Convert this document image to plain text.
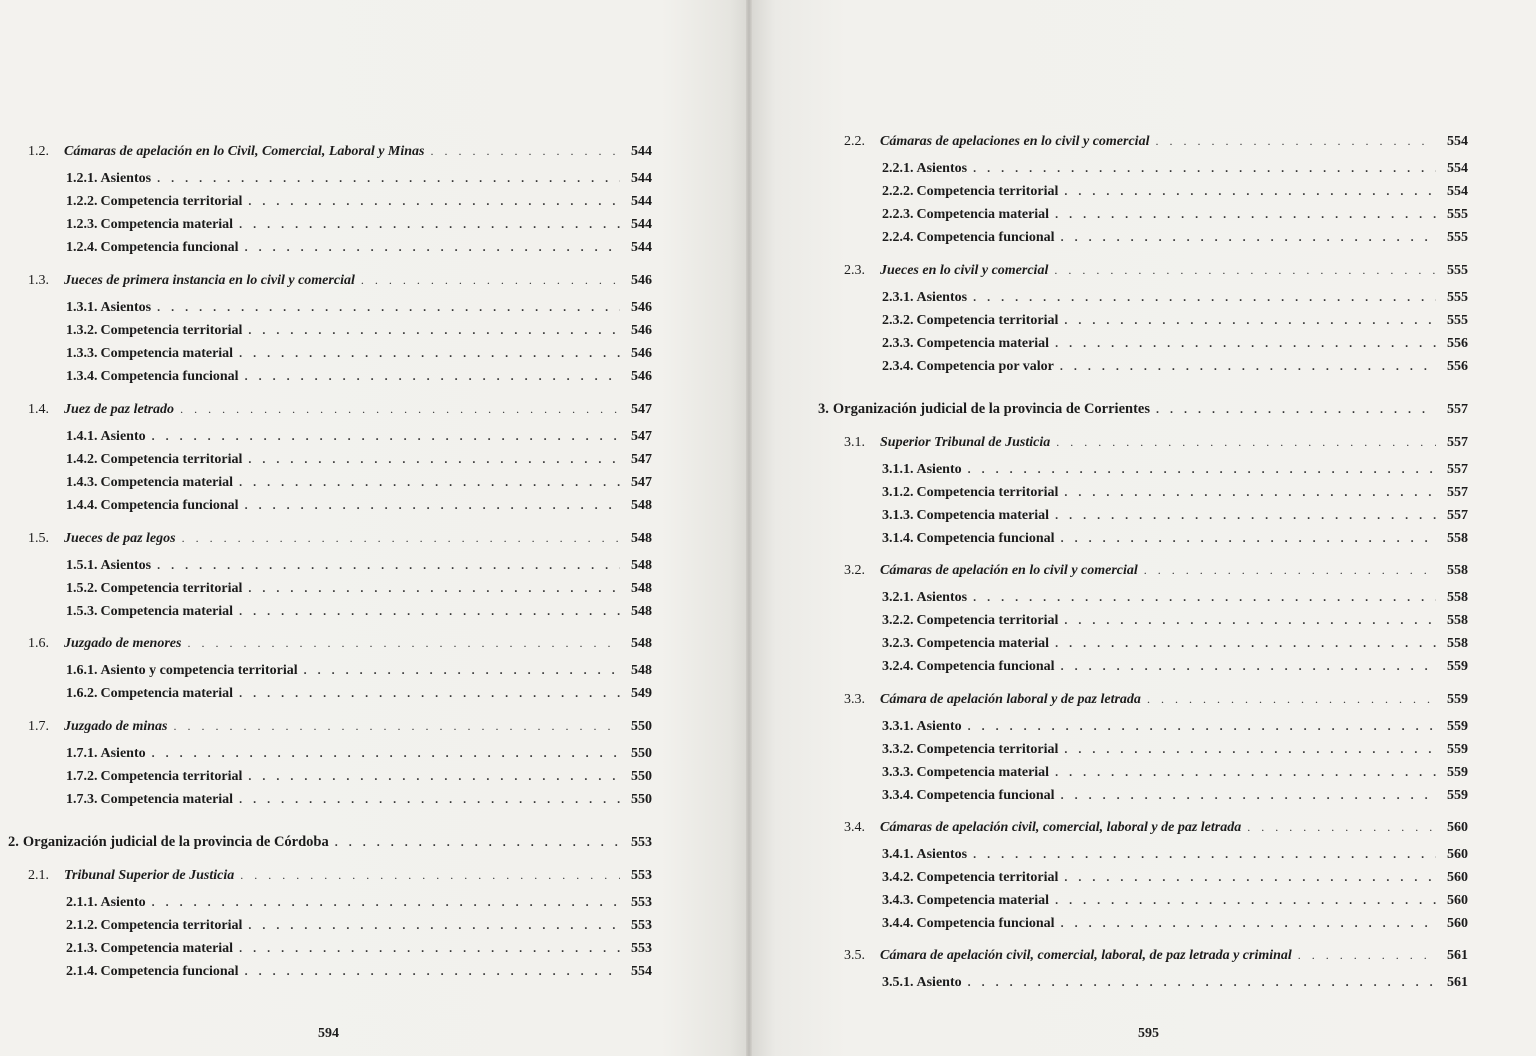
1.2.	Cámaras de apelación en lo Civil, Comercial, Laboral y Minas . . .	544
1.2.1. Asientos . . .	544
1.2.2. Competencia territorial . . .	544
1.2.3. Competencia material . . .	544
1.2.4. Competencia funcional . . .	544
1.3.	Jueces de primera instancia en lo civil y comercial . . .	546
1.3.1. Asientos . . .	546
1.3.2. Competencia territorial . . .	546
1.3.3. Competencia material . . .	546
1.3.4. Competencia funcional . . .	546
1.4.	Juez de paz letrado . . .	547
1.4.1. Asiento . . .	547
1.4.2. Competencia territorial . . .	547
1.4.3. Competencia material . . .	547
1.4.4. Competencia funcional . . .	548
1.5.	Jueces de paz legos . . .	548
1.5.1. Asientos . . .	548
1.5.2. Competencia territorial . . .	548
1.5.3. Competencia material . . .	548
1.6.	Juzgado de menores . . .	548
1.6.1. Asiento y competencia territorial . . .	548
1.6.2. Competencia material . . .	549
1.7.	Juzgado de minas . . .	550
1.7.1. Asiento . . .	550
1.7.2. Competencia territorial . . .	550
1.7.3. Competencia material . . .	550
2. Organización judicial de la provincia de Córdoba . . .	553
2.1.	Tribunal Superior de Justicia . . .	553
2.1.1. Asiento . . .	553
2.1.2. Competencia territorial . . .	553
2.1.3. Competencia material . . .	553
2.1.4. Competencia funcional . . .	554
594
2.2.	Cámaras de apelaciones en lo civil y comercial . . .	554
2.2.1. Asientos . . .	554
2.2.2. Competencia territorial . . .	554
2.2.3. Competencia material . . .	555
2.2.4. Competencia funcional . . .	555
2.3.	Jueces en lo civil y comercial . . .	555
2.3.1. Asientos . . .	555
2.3.2. Competencia territorial . . .	555
2.3.3. Competencia material . . .	556
2.3.4. Competencia por valor . . .	556
3. Organización judicial de la provincia de Corrientes . . .	557
3.1.	Superior Tribunal de Justicia . . .	557
3.1.1. Asiento . . .	557
3.1.2. Competencia territorial . . .	557
3.1.3. Competencia material . . .	557
3.1.4. Competencia funcional . . .	558
3.2.	Cámaras de apelación en lo civil y comercial . . .	558
3.2.1. Asientos . . .	558
3.2.2. Competencia territorial . . .	558
3.2.3. Competencia material . . .	558
3.2.4. Competencia funcional . . .	559
3.3.	Cámara de apelación laboral y de paz letrada . . .	559
3.3.1. Asiento . . .	559
3.3.2. Competencia territorial . . .	559
3.3.3. Competencia material . . .	559
3.3.4. Competencia funcional . . .	559
3.4.	Cámaras de apelación civil, comercial, laboral y de paz letrada . . .	560
3.4.1. Asientos . . .	560
3.4.2. Competencia territorial . . .	560
3.4.3. Competencia material . . .	560
3.4.4. Competencia funcional . . .	560
3.5.	Cámara de apelación civil, comercial, laboral, de paz letrada y criminal . . .	561
3.5.1. Asiento . . .	561
595
